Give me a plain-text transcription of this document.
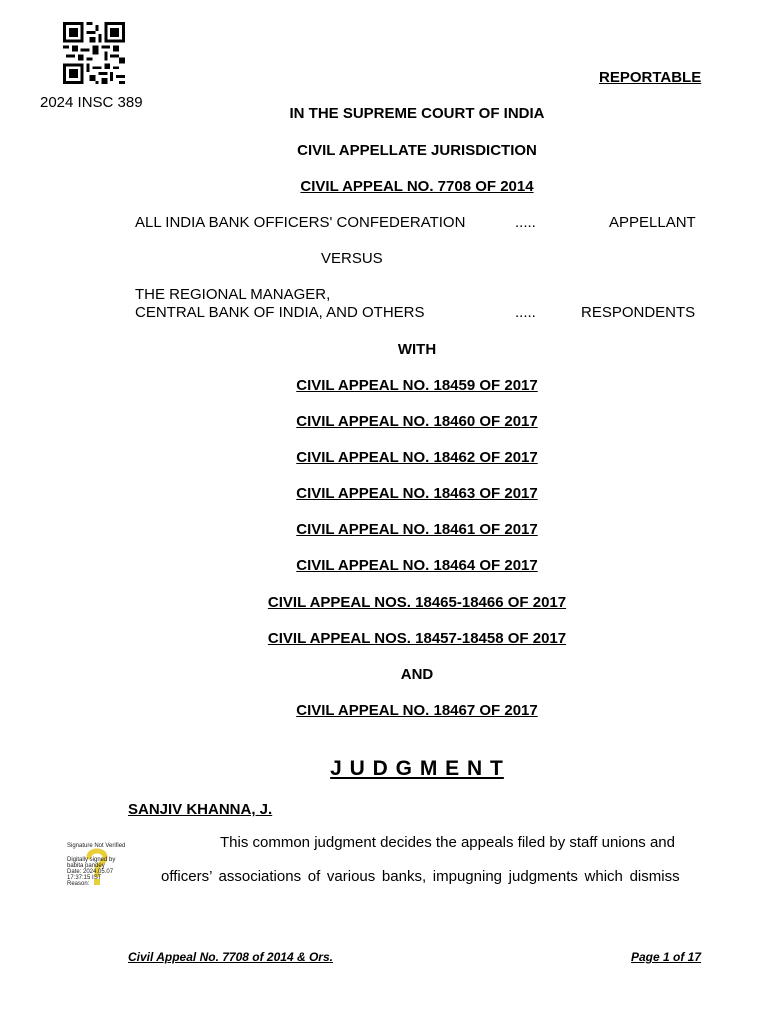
2024 INSC 389
REPORTABLE
IN THE SUPREME COURT OF INDIA
CIVIL APPELLATE JURISDICTION
CIVIL APPEAL NO. 7708 OF 2014
ALL INDIA BANK OFFICERS' CONFEDERATION	.....	APPELLANT
VERSUS
THE REGIONAL MANAGER,
CENTRAL BANK OF INDIA, AND OTHERS	.....	RESPONDENTS
WITH
CIVIL APPEAL NO. 18459 OF 2017
CIVIL APPEAL NO. 18460 OF 2017
CIVIL APPEAL NO. 18462 OF 2017
CIVIL APPEAL NO. 18463 OF 2017
CIVIL APPEAL NO. 18461 OF 2017
CIVIL APPEAL NO. 18464 OF 2017
CIVIL APPEAL NOS. 18465-18466 OF 2017
CIVIL APPEAL NOS. 18457-18458 OF 2017
AND
CIVIL APPEAL NO. 18467 OF 2017
J U D G M E N T
SANJIV KHANNA, J.
Signature Not Verified
Digitally signed by
babita pandey
Date: 2024.05.07
17:37:15 IST
Reason:
This common judgment decides the appeals filed by staff unions and
officers’ associations of various banks, impugning judgments which dismiss
Civil Appeal No. 7708 of 2014 & Ors.	Page 1 of 17
